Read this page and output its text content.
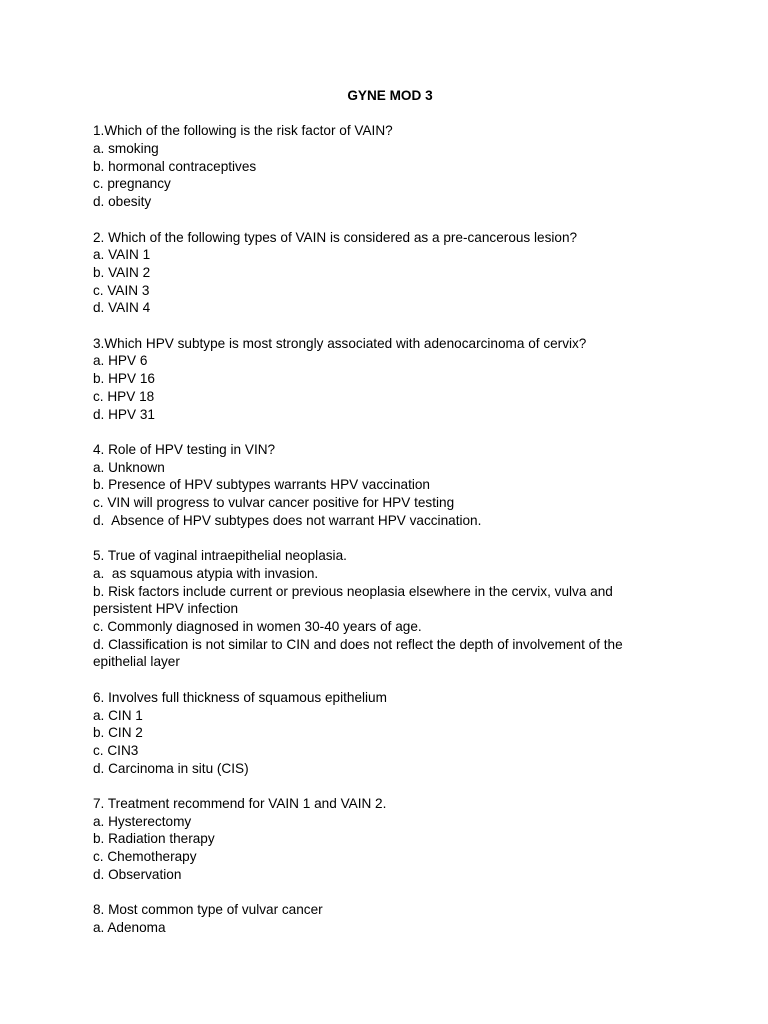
GYNE MOD 3
1.Which of the following is the risk factor of VAIN?
a. smoking
b. hormonal contraceptives
c. pregnancy
d. obesity
2. Which of the following types of VAIN is considered as a pre-cancerous lesion?
a. VAIN 1
b. VAIN 2
c. VAIN 3
d. VAIN 4
3.Which HPV subtype is most strongly associated with adenocarcinoma of cervix?
a. HPV 6
b. HPV 16
c. HPV 18
d. HPV 31
4. Role of HPV testing in VIN?
a. Unknown
b. Presence of HPV subtypes warrants HPV vaccination
c. VIN will progress to vulvar cancer positive for HPV testing
d.  Absence of HPV subtypes does not warrant HPV vaccination.
5. True of vaginal intraepithelial neoplasia.
a.  as squamous atypia with invasion.
b. Risk factors include current or previous neoplasia elsewhere in the cervix, vulva and persistent HPV infection
c. Commonly diagnosed in women 30-40 years of age.
d. Classification is not similar to CIN and does not reflect the depth of involvement of the epithelial layer
6. Involves full thickness of squamous epithelium
a. CIN 1
b. CIN 2
c. CIN3
d. Carcinoma in situ (CIS)
7. Treatment recommend for VAIN 1 and VAIN 2.
a. Hysterectomy
b. Radiation therapy
c. Chemotherapy
d. Observation
8. Most common type of vulvar cancer
a. Adenoma
